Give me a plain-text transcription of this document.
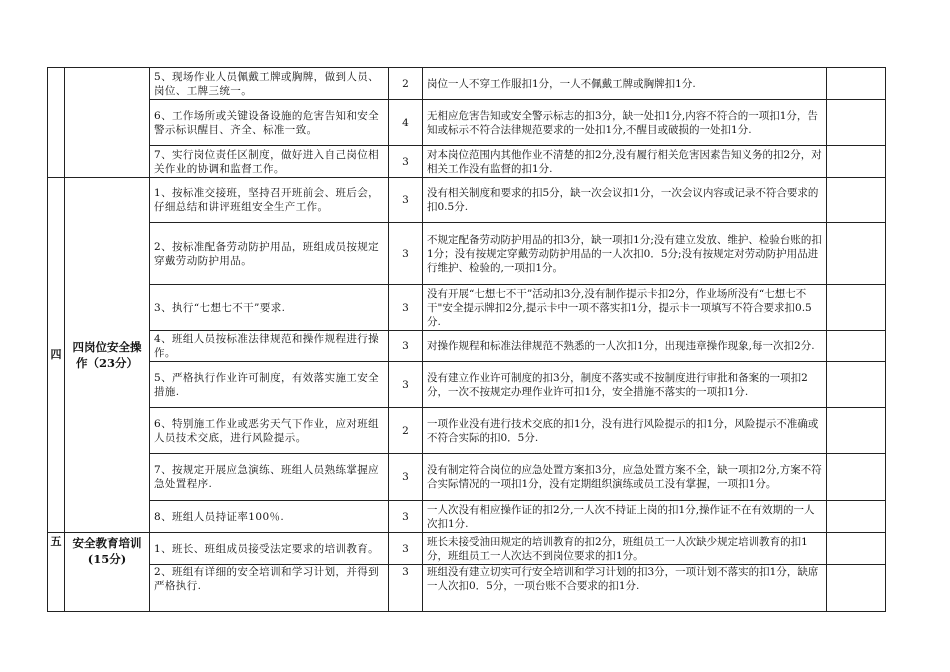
		5、现场作业人员佩戴工牌或胸牌，做到人员、岗位、工牌三统一。	2	岗位一人不穿工作服扣1分，一人不佩戴工牌或胸牌扣1分.	
		6、工作场所或关键设备设施的危害告知和安全警示标识醒目、齐全、标准一致。	4	无相应危害告知或安全警示标志的扣3分，缺一处扣1分,内容不符合的一项扣1分，告知或标示不符合法律规范要求的一处扣1分,不醒目或破损的一处扣1分.	
		7、实行岗位责任区制度，做好进入自己岗位相关作业的协调和监督工作。	3	对本岗位范围内其他作业不清楚的扣2分,没有履行相关危害因素告知义务的扣2分，对相关工作没有监督的扣1分.	
四	四岗位安全操作（23分）	1、按标准交接班，坚持召开班前会、班后会，仔细总结和讲评班组安全生产工作。	3	没有相关制度和要求的扣5分，缺一次会议扣1分，一次会议内容或记录不符合要求的扣0.5分.	
		2、按标准配备劳动防护用品，班组成员按规定穿戴劳动防护用品。	3	不规定配备劳动防护用品的扣3分，缺一项扣1分;没有建立发放、维护、检验台账的扣1分；没有按规定穿戴劳动防护用品的一人次扣0．5分;没有按规定对劳动防护用品进行维护、检验的,一项扣1分。	
		3、执行“七想七不干”要求.	3	没有开展“七想七不干”活动扣3分,没有制作提示卡扣2分，作业场所没有“七想七不干"安全提示牌扣2分,提示卡中一项不落实扣1分，提示卡一项填写不符合要求扣0.5分.	
		4、班组人员按标准法律规范和操作规程进行操作。	3	对操作规程和标准法律规范不熟悉的一人次扣1分，出现违章操作现象,每一次扣2分.	
		5、严格执行作业许可制度，有效落实施工安全措施.	3	没有建立作业许可制度的扣3分，制度不落实或不按制度进行审批和备案的一项扣2分，一次不按规定办理作业许可扣1分，安全措施不落实的一项扣1分.	
		6、特别施工作业或恶劣天气下作业，应对班组人员技术交底，进行风险提示。	2	一项作业没有进行技术交底的扣1分，没有进行风险提示的扣1分，风险提示不准确或不符合实际的扣0．5分.	
		7、按规定开展应急演练、班组人员熟练掌握应急处置程序.	3	没有制定符合岗位的应急处置方案扣3分，应急处置方案不全，缺一项扣2分,方案不符合实际情况的一项扣1分，没有定期组织演练或员工没有掌握，一项扣1分。	
		8、班组人员持证率100％.	3	一人次没有相应操作证的扣2分,一人次不持证上岗的扣1分,操作证不在有效期的一人次扣1分.	
五	安全教育培训(15分)	1、班长、班组成员接受法定要求的培训教育。	3	班长未接受油田规定的培训教育的扣2分，班组员工一人次缺少规定培训教育的扣1分，班组员工一人次达不到岗位要求的扣1分。	
		2、班组有详细的安全培训和学习计划，并得到严格执行.	3	班组没有建立切实可行安全培训和学习计划的扣3分，一项计划不落实的扣1分，缺席一人次扣0．5分，一项台账不合要求的扣1分.	
